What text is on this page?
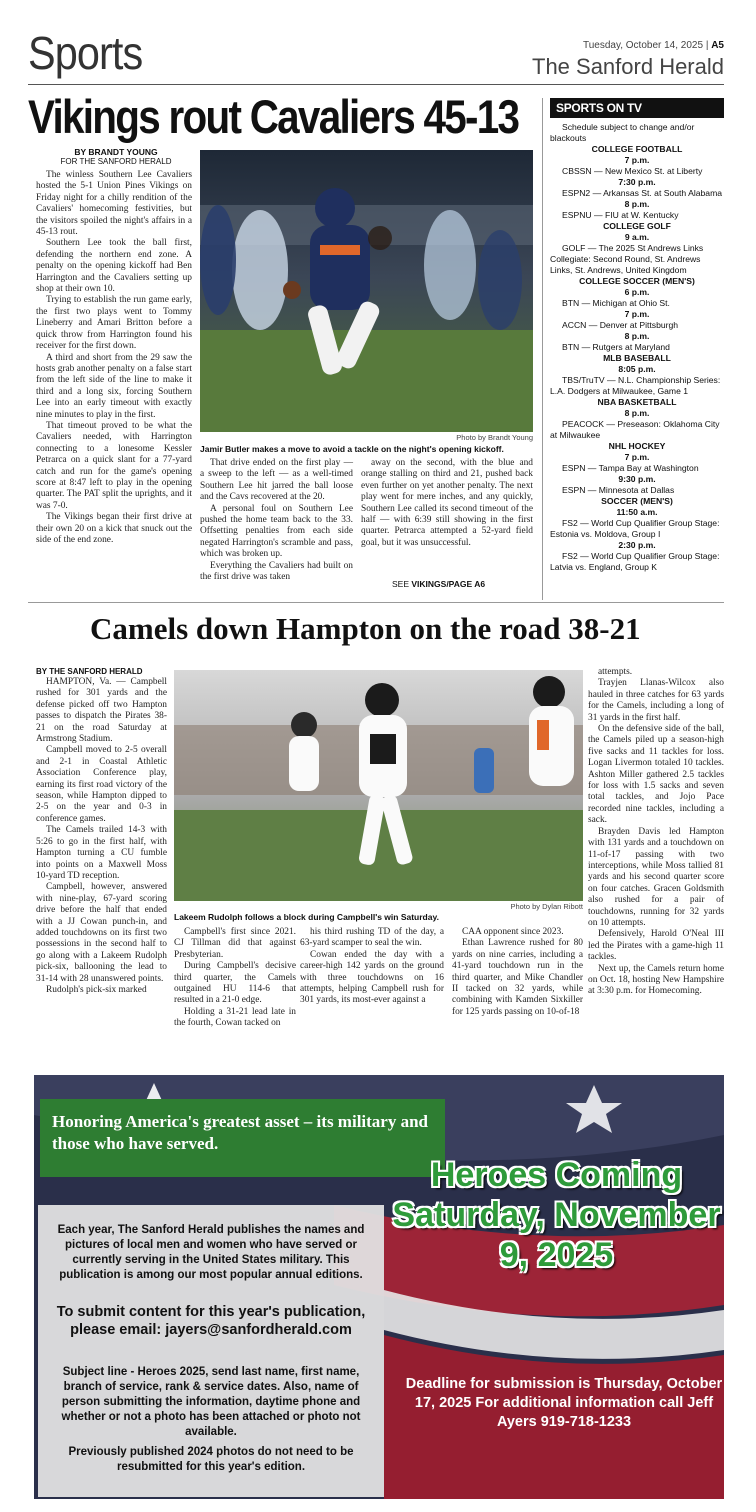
Sports	Tuesday, October 14, 2025 | A5
The Sanford Herald
Vikings rout Cavaliers 45-13
BY BRANDT YOUNG
FOR THE SANFORD HERALD

The winless Southern Lee Cavaliers hosted the 5-1 Union Pines Vikings on Friday night for a chilly rendition of the Cavaliers' homecoming festivities, but the visitors spoiled the night's affairs in a 45-13 rout.

Southern Lee took the ball first, defending the northern end zone. A penalty on the opening kickoff had Ben Harrington and the Cavaliers setting up shop at their own 10.

Trying to establish the run game early, the first two plays went to Tommy Lineberry and Amari Britton before a quick throw from Harrington found his receiver for the first down.

A third and short from the 29 saw the hosts grab another penalty on a false start from the left side of the line to make it third and a long six, forcing Southern Lee into an early timeout with exactly nine minutes to play in the first.

That timeout proved to be what the Cavaliers needed, with Harrington connecting to a lonesome Kessler Petrarca on a quick slant for a 77-yard catch and run for the game's opening score at 8:47 left to play in the opening quarter. The PAT split the uprights, and it was 7-0.

The Vikings began their first drive at their own 20 on a kick that snuck out the side of the end zone.

Photo by Brandt Young
Jamir Butler makes a move to avoid a tackle on the night's opening kickoff.

That drive ended on the first play — a sweep to the left — as a well-timed Southern Lee hit jarred the ball loose and the Cavs recovered at the 20.

A personal foul on Southern Lee pushed the home team back to the 33. Offsetting penalties from each side negated Harrington's scramble and pass, which was broken up.

Everything the Cavaliers had built on the first drive was taken

away on the second, with the blue and orange stalling on third and 21, pushed back even further on yet another penalty. The next play went for mere inches, and any quickly, Southern Lee called its second timeout of the half — with 6:39 still showing in the first quarter. Petrarca attempted a 52-yard field goal, but it was unsuccessful.

SEE VIKINGS/PAGE A6
SPORTS ON TV
Schedule subject to change and/or blackouts
COLLEGE FOOTBALL
7 p.m.
CBSSN — New Mexico St. at Liberty
7:30 p.m.
ESPN2 — Arkansas St. at South Alabama
8 p.m.
ESPNU — FIU at W. Kentucky
COLLEGE GOLF
9 a.m.
GOLF — The 2025 St Andrews Links Collegiate: Second Round, St. Andrews Links, St. Andrews, United Kingdom
COLLEGE SOCCER (MEN'S)
6 p.m.
BTN — Michigan at Ohio St.
7 p.m.
ACCN — Denver at Pittsburgh
8 p.m.
BTN — Rutgers at Maryland
MLB BASEBALL
8:05 p.m.
TBS/TruTV — N.L. Championship Series: L.A. Dodgers at Milwaukee, Game 1
NBA BASKETBALL
8 p.m.
PEACOCK — Preseason: Oklahoma City at Milwaukee
NHL HOCKEY
7 p.m.
ESPN — Tampa Bay at Washington
9:30 p.m.
ESPN — Minnesota at Dallas
SOCCER (MEN'S)
11:50 a.m.
FS2 — World Cup Qualifier Group Stage: Estonia vs. Moldova, Group I
2:30 p.m.
FS2 — World Cup Qualifier Group Stage: Latvia vs. England, Group K
Camels down Hampton on the road 38-21
BY THE SANFORD HERALD

HAMPTON, Va. — Campbell rushed for 301 yards and the defense picked off two Hampton passes to dispatch the Pirates 38-21 on the road Saturday at Armstrong Stadium.

Campbell moved to 2-5 overall and 2-1 in Coastal Athletic Association Conference play, earning its first road victory of the season, while Hampton dipped to 2-5 on the year and 0-3 in conference games.

The Camels trailed 14-3 with 5:26 to go in the first half, with Hampton turning a CU fumble into points on a Maxwell Moss 10-yard TD reception.

Campbell, however, answered with nine-play, 67-yard scoring drive before the half that ended with a JJ Cowan punch-in, and added touchdowns on its first two possessions in the second half to go along with a Lakeem Rudolph pick-six, ballooning the lead to 31-14 with 28 unanswered points.

Rudolph's pick-six marked

Photo by Dylan Ribott
Lakeem Rudolph follows a block during Campbell's win Saturday.

Campbell's first since 2021. CJ Tillman did that against Presbyterian.

During Campbell's decisive third quarter, the Camels outgained HU 114-6 that resulted in a 21-0 edge.

Holding a 31-21 lead late in the fourth, Cowan tacked on

his third rushing TD of the day, a 63-yard scamper to seal the win.

Cowan ended the day with a career-high 142 yards on the ground with three touchdowns on 16 attempts, helping Campbell rush for 301 yards, its most-ever against a

CAA opponent since 2023.

Ethan Lawrence rushed for 80 yards on nine carries, including a 41-yard touchdown run in the third quarter, and Mike Chandler II tacked on 32 yards, while combining with Kamden Sixkiller for 125 yards passing on 10-of-18

attempts.

Trayjen Llanas-Wilcox also hauled in three catches for 63 yards for the Camels, including a long of 31 yards in the first half.

On the defensive side of the ball, the Camels piled up a season-high five sacks and 11 tackles for loss. Logan Livermon totaled 10 tackles. Ashton Miller gathered 2.5 tackles for loss with 1.5 sacks and seven total tackles, and Jojo Pace recorded nine tackles, including a sack.

Brayden Davis led Hampton with 131 yards and a touchdown on 11-of-17 passing with two interceptions, while Moss tallied 81 yards and his second quarter score on four catches. Gracen Goldsmith also rushed for a pair of touchdowns, running for 32 yards on 10 attempts.

Defensively, Harold O'Neal III led the Pirates with a game-high 11 tackles.

Next up, the Camels return home on Oct. 18, hosting New Hampshire at 3:30 p.m. for Homecoming.

Honoring America's greatest asset – its military and those who have served.
Heroes Coming Saturday, November 9, 2025
Each year, The Sanford Herald publishes the names and pictures of local men and women who have served or currently serving in the United States military. This publication is among our most popular annual editions.
To submit content for this year's publication, please email: jayers@sanfordherald.com
Subject line - Heroes 2025, send last name, first name, branch of service, rank & service dates. Also, name of person submitting the information, daytime phone and whether or not a photo has been attached or photo not available.
Previously published 2024 photos do not need to be resubmitted for this year's edition.
Deadline for submission is Thursday, October 17, 2025 For additional information call Jeff Ayers 919-718-1233
